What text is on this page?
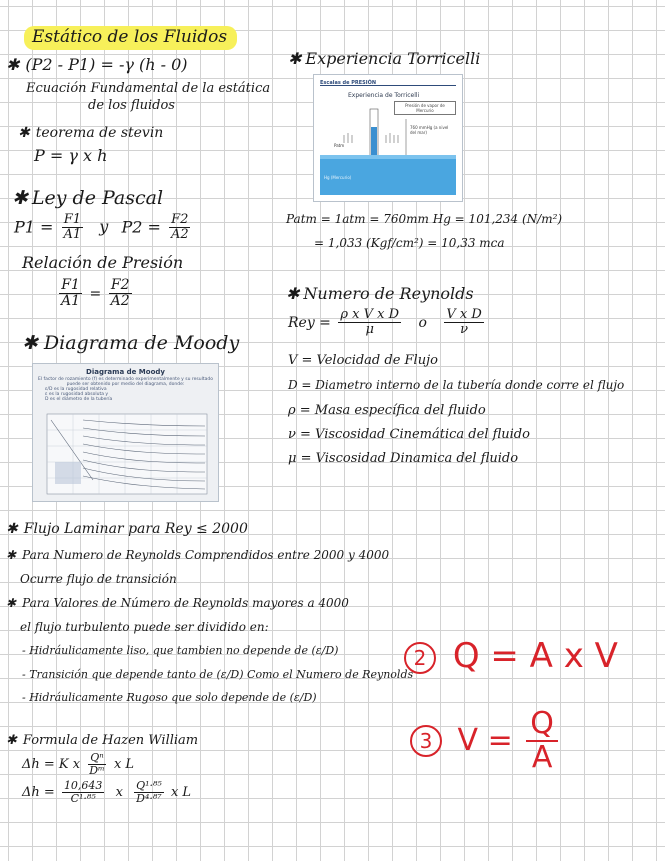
Estático de los Fluidos
✱ (P2 - P1) = -γ (h - 0)
Ecuación Fundamental de la estática
de los fluidos
✱ teorema de stevin
P = γ x h
✱ Ley de Pascal
$P1 = \frac{F1}{A1}$ y $P2 = \frac{F2}{A2}$
Relación de Presión
$\frac{F1}{A1} = \frac{F2}{A2}$
✱ Diagrama de Moody
Diagrama de Moody
El factor de rozamiento (f) es determinado experimentalmente y su resultado
puede ser obtenido por medio del diagrama, donde:
ε/D es la rugosidad relativa
ε es la rugosidad absoluta y
D es el diámetro de la tubería
✱ Experiencia Torricelli
Escalas de PRESIÓN
Experiencia de Torricelli
Presión de vapor de Mercurio
760 mmHg (a nivel del mar)
Patm
Hg (Mercurio)
Patm = 1atm = 760mm Hg = 101,234 (N/m²)
= 1,033 (Kgf/cm²) = 10,33 mca
✱ Numero de Reynolds
Rey = $\frac{\text{ρ x V x D}}{\mu}$ o $\frac{\text{V x D}}{\nu}$
V = Velocidad de Flujo
D = Diametro interno de la tubería donde corre el flujo
ρ = Masa específica del fluido
ν = Viscosidad Cinemática del fluido
μ = Viscosidad Dinamica del fluido
✱ Flujo Laminar para Rey ≤ 2000
✱ Para Numero de Reynolds Comprendidos entre 2000 y 4000
Ocurre flujo de transición
✱ Para Valores de Número de Reynolds mayores a 4000
el flujo turbulento puede ser dividido en:
- Hidráulicamente liso, que tambien no depende de (ε/D)
- Transición que depende tanto de (ε/D) Como el Numero de Reynolds
- Hidráulicamente Rugoso que solo depende de (ε/D)
2 Q = A x V
3 $V = \frac{Q}{A}$
✱ Formula de Hazen William
Δh = K x $\frac{\text{Qⁿ}}{\text{Dᵐ}}$ x L
$\Delta h = \frac{10,643}{\text{C¹·⁸⁵}}$ x $\frac{\text{Q¹·⁸⁵}}{\text{D⁴·⁸⁷}}$ x L
